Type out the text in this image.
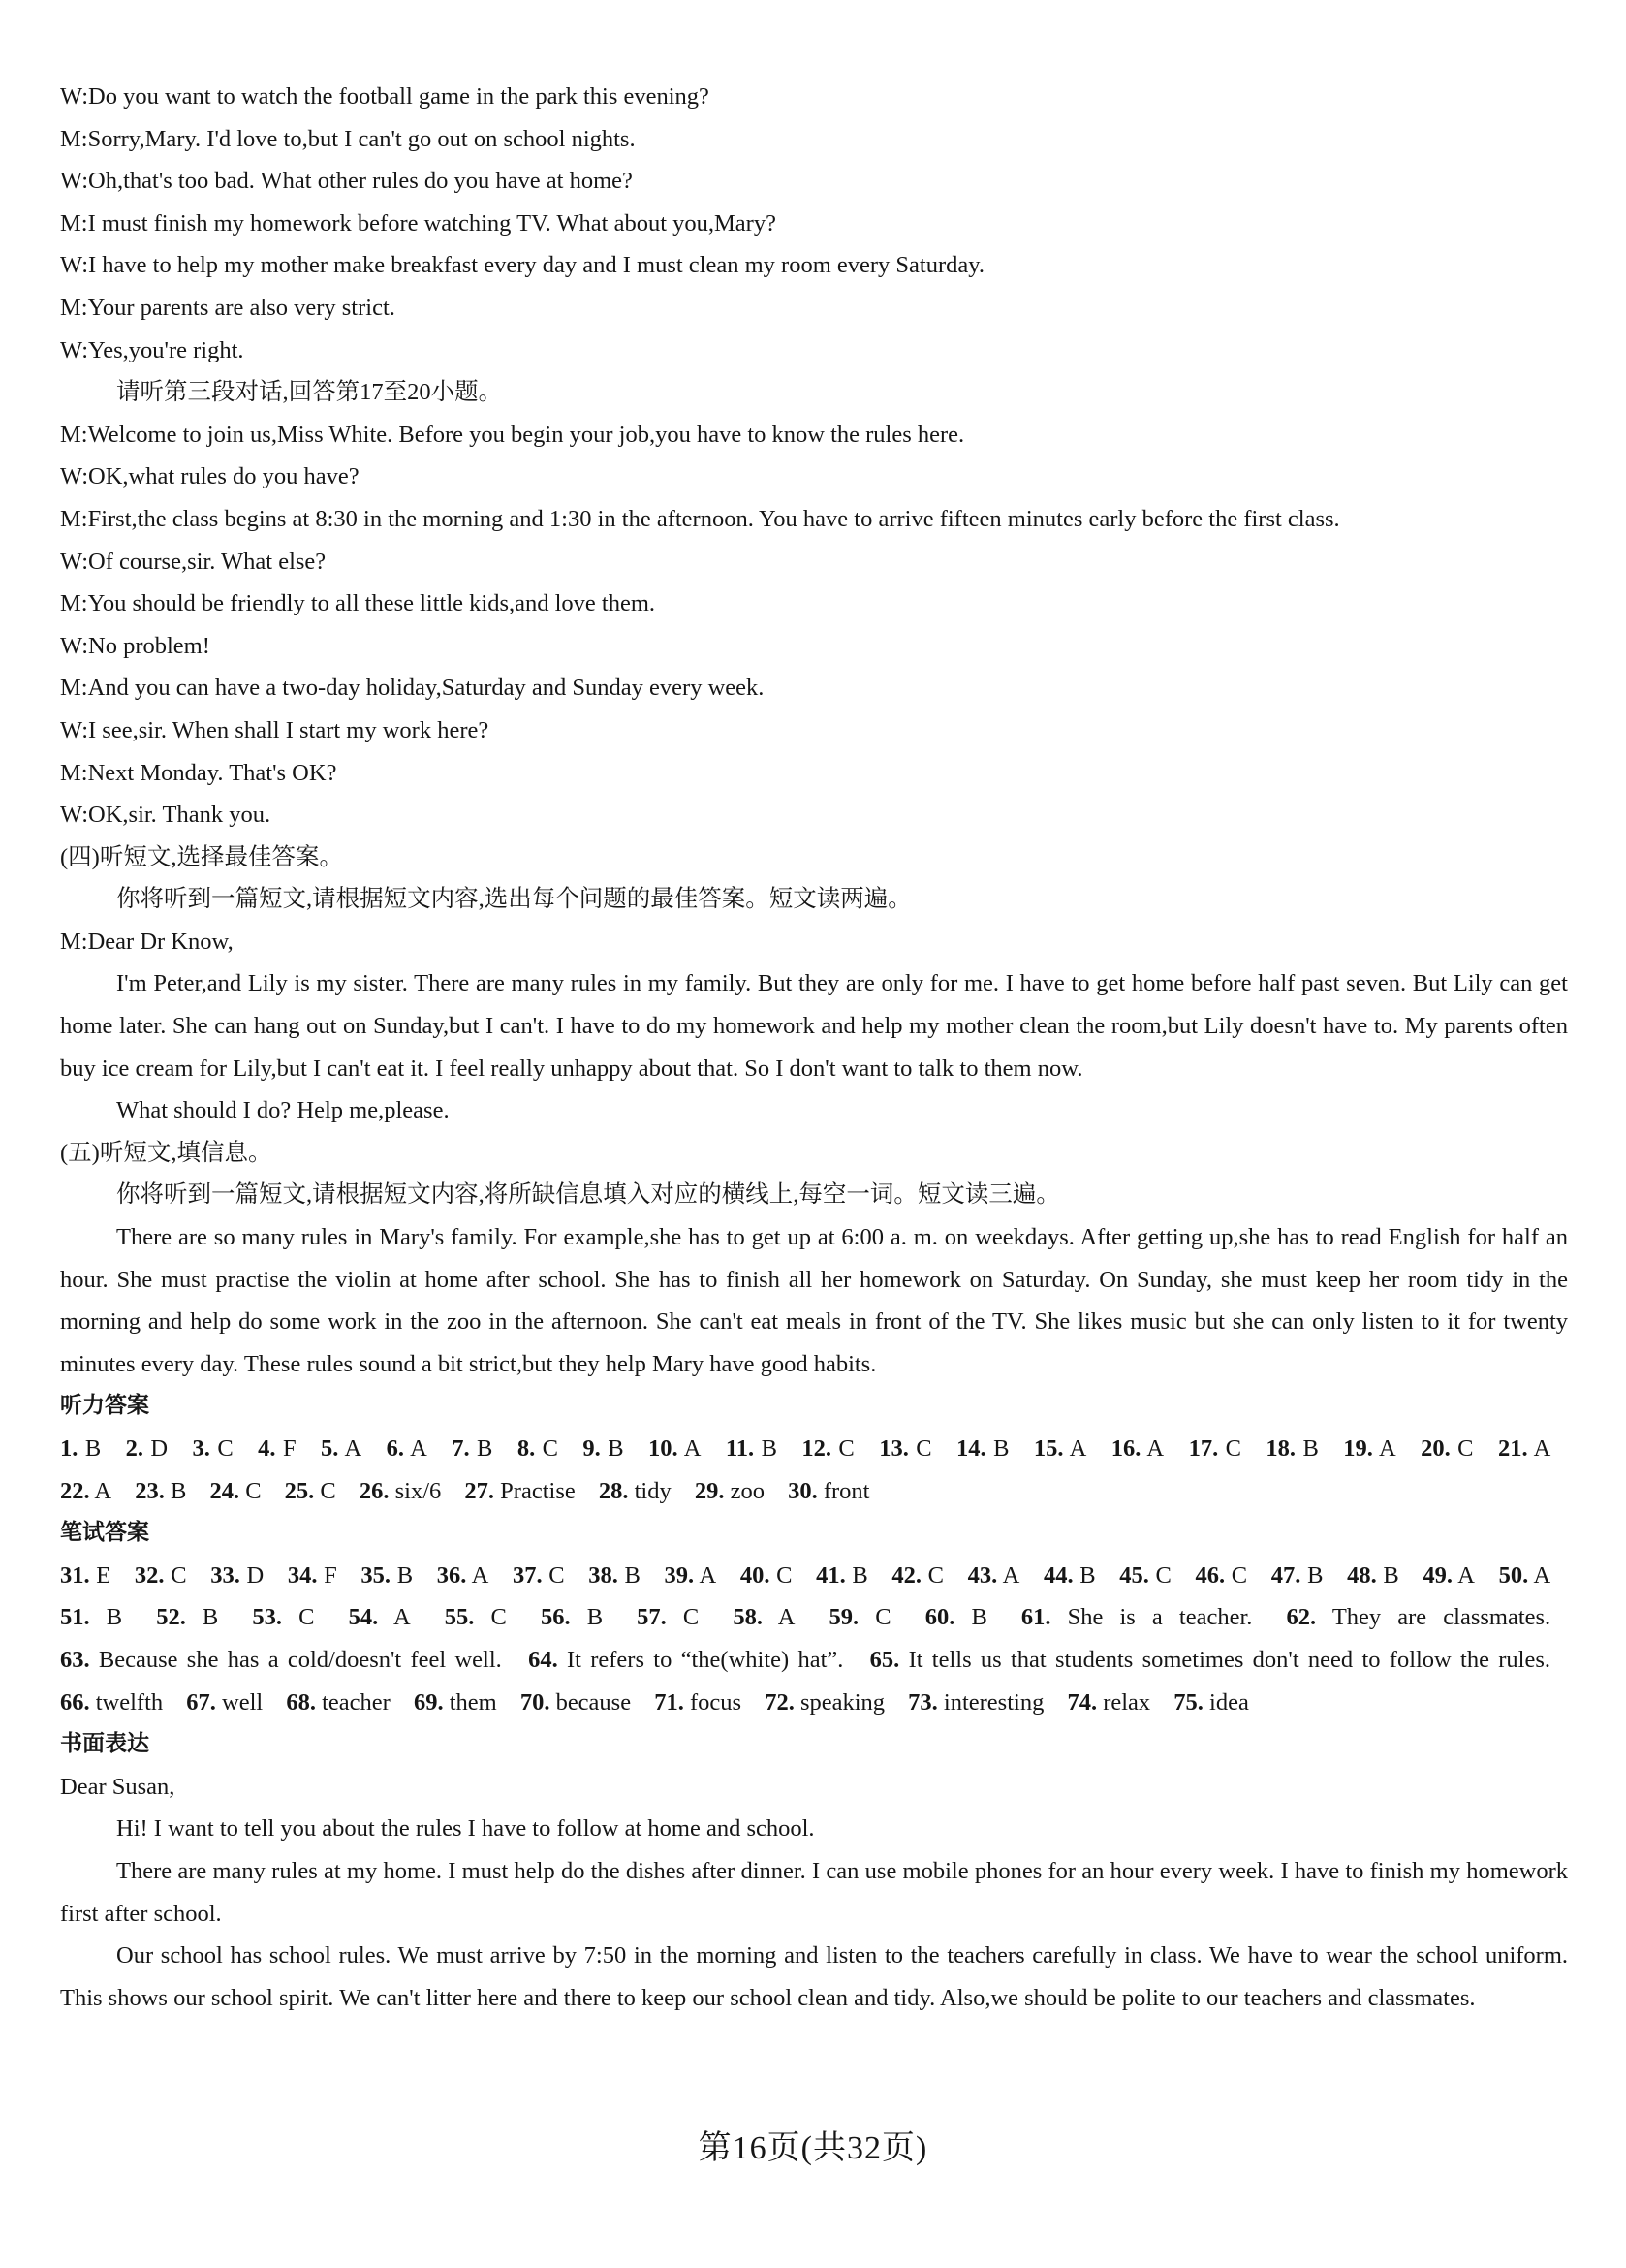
W:Do you want to watch the football game in the park this evening?
M:Sorry,Mary. I'd love to,but I can't go out on school nights.
W:Oh,that's too bad. What other rules do you have at home?
M:I must finish my homework before watching TV. What about you,Mary?
W:I have to help my mother make breakfast every day and I must clean my room every Saturday.
M:Your parents are also very strict.
W:Yes,you're right.
请听第三段对话,回答第17至20小题。
M:Welcome to join us,Miss White. Before you begin your job,you have to know the rules here.
W:OK,what rules do you have?
M:First,the class begins at 8:30 in the morning and 1:30 in the afternoon. You have to arrive fifteen minutes early before the first class.
W:Of course,sir. What else?
M:You should be friendly to all these little kids,and love them.
W:No problem!
M:And you can have a two-day holiday,Saturday and Sunday every week.
W:I see,sir. When shall I start my work here?
M:Next Monday. That's OK?
W:OK,sir. Thank you.
(四)听短文,选择最佳答案。
你将听到一篇短文,请根据短文内容,选出每个问题的最佳答案。短文读两遍。
M:Dear Dr Know,
I'm Peter,and Lily is my sister. There are many rules in my family. But they are only for me. I have to get home before half past seven. But Lily can get home later. She can hang out on Sunday,but I can't. I have to do my homework and help my mother clean the room,but Lily doesn't have to. My parents often buy ice cream for Lily,but I can't eat it. I feel really unhappy about that. So I don't want to talk to them now.
What should I do? Help me,please.
(五)听短文,填信息。
你将听到一篇短文,请根据短文内容,将所缺信息填入对应的横线上,每空一词。短文读三遍。
There are so many rules in Mary's family. For example,she has to get up at 6:00 a. m. on weekdays. After getting up,she has to read English for half an hour. She must practise the violin at home after school. She has to finish all her homework on Saturday. On Sunday, she must keep her room tidy in the morning and help do some work in the zoo in the afternoon. She can't eat meals in front of the TV. She likes music but she can only listen to it for twenty minutes every day. These rules sound a bit strict,but they help Mary have good habits.
听力答案
1. B 2. D 3. C 4. F 5. A 6. A 7. B 8. C 9. B 10. A 11. B 12. C 13. C 14. B 15. A 16. A 17. C 18. B 19. A 20. C 21. A 22. A 23. B 24. C 25. C 26. six/6 27. Practise 28. tidy 29. zoo 30. front
笔试答案
31. E 32. C 33. D 34. F 35. B 36. A 37. C 38. B 39. A 40. C 41. B 42. C 43. A 44. B 45. C 46. C 47. B 48. B 49. A 50. A 51. B 52. B 53. C 54. A 55. C 56. B 57. C 58. A 59. C 60. B 61. She is a teacher. 62. They are classmates. 63. Because she has a cold/doesn't feel well. 64. It refers to “the(white) hat”. 65. It tells us that students sometimes don't need to follow the rules. 66. twelfth 67. well 68. teacher 69. them 70. because 71. focus 72. speaking 73. interesting 74. relax 75. idea
书面表达
Dear Susan,
Hi! I want to tell you about the rules I have to follow at home and school.
There are many rules at my home. I must help do the dishes after dinner. I can use mobile phones for an hour every week. I have to finish my homework first after school.
Our school has school rules. We must arrive by 7:50 in the morning and listen to the teachers carefully in class. We have to wear the school uniform. This shows our school spirit. We can't litter here and there to keep our school clean and tidy. Also,we should be polite to our teachers and classmates.
第16页(共32页)
